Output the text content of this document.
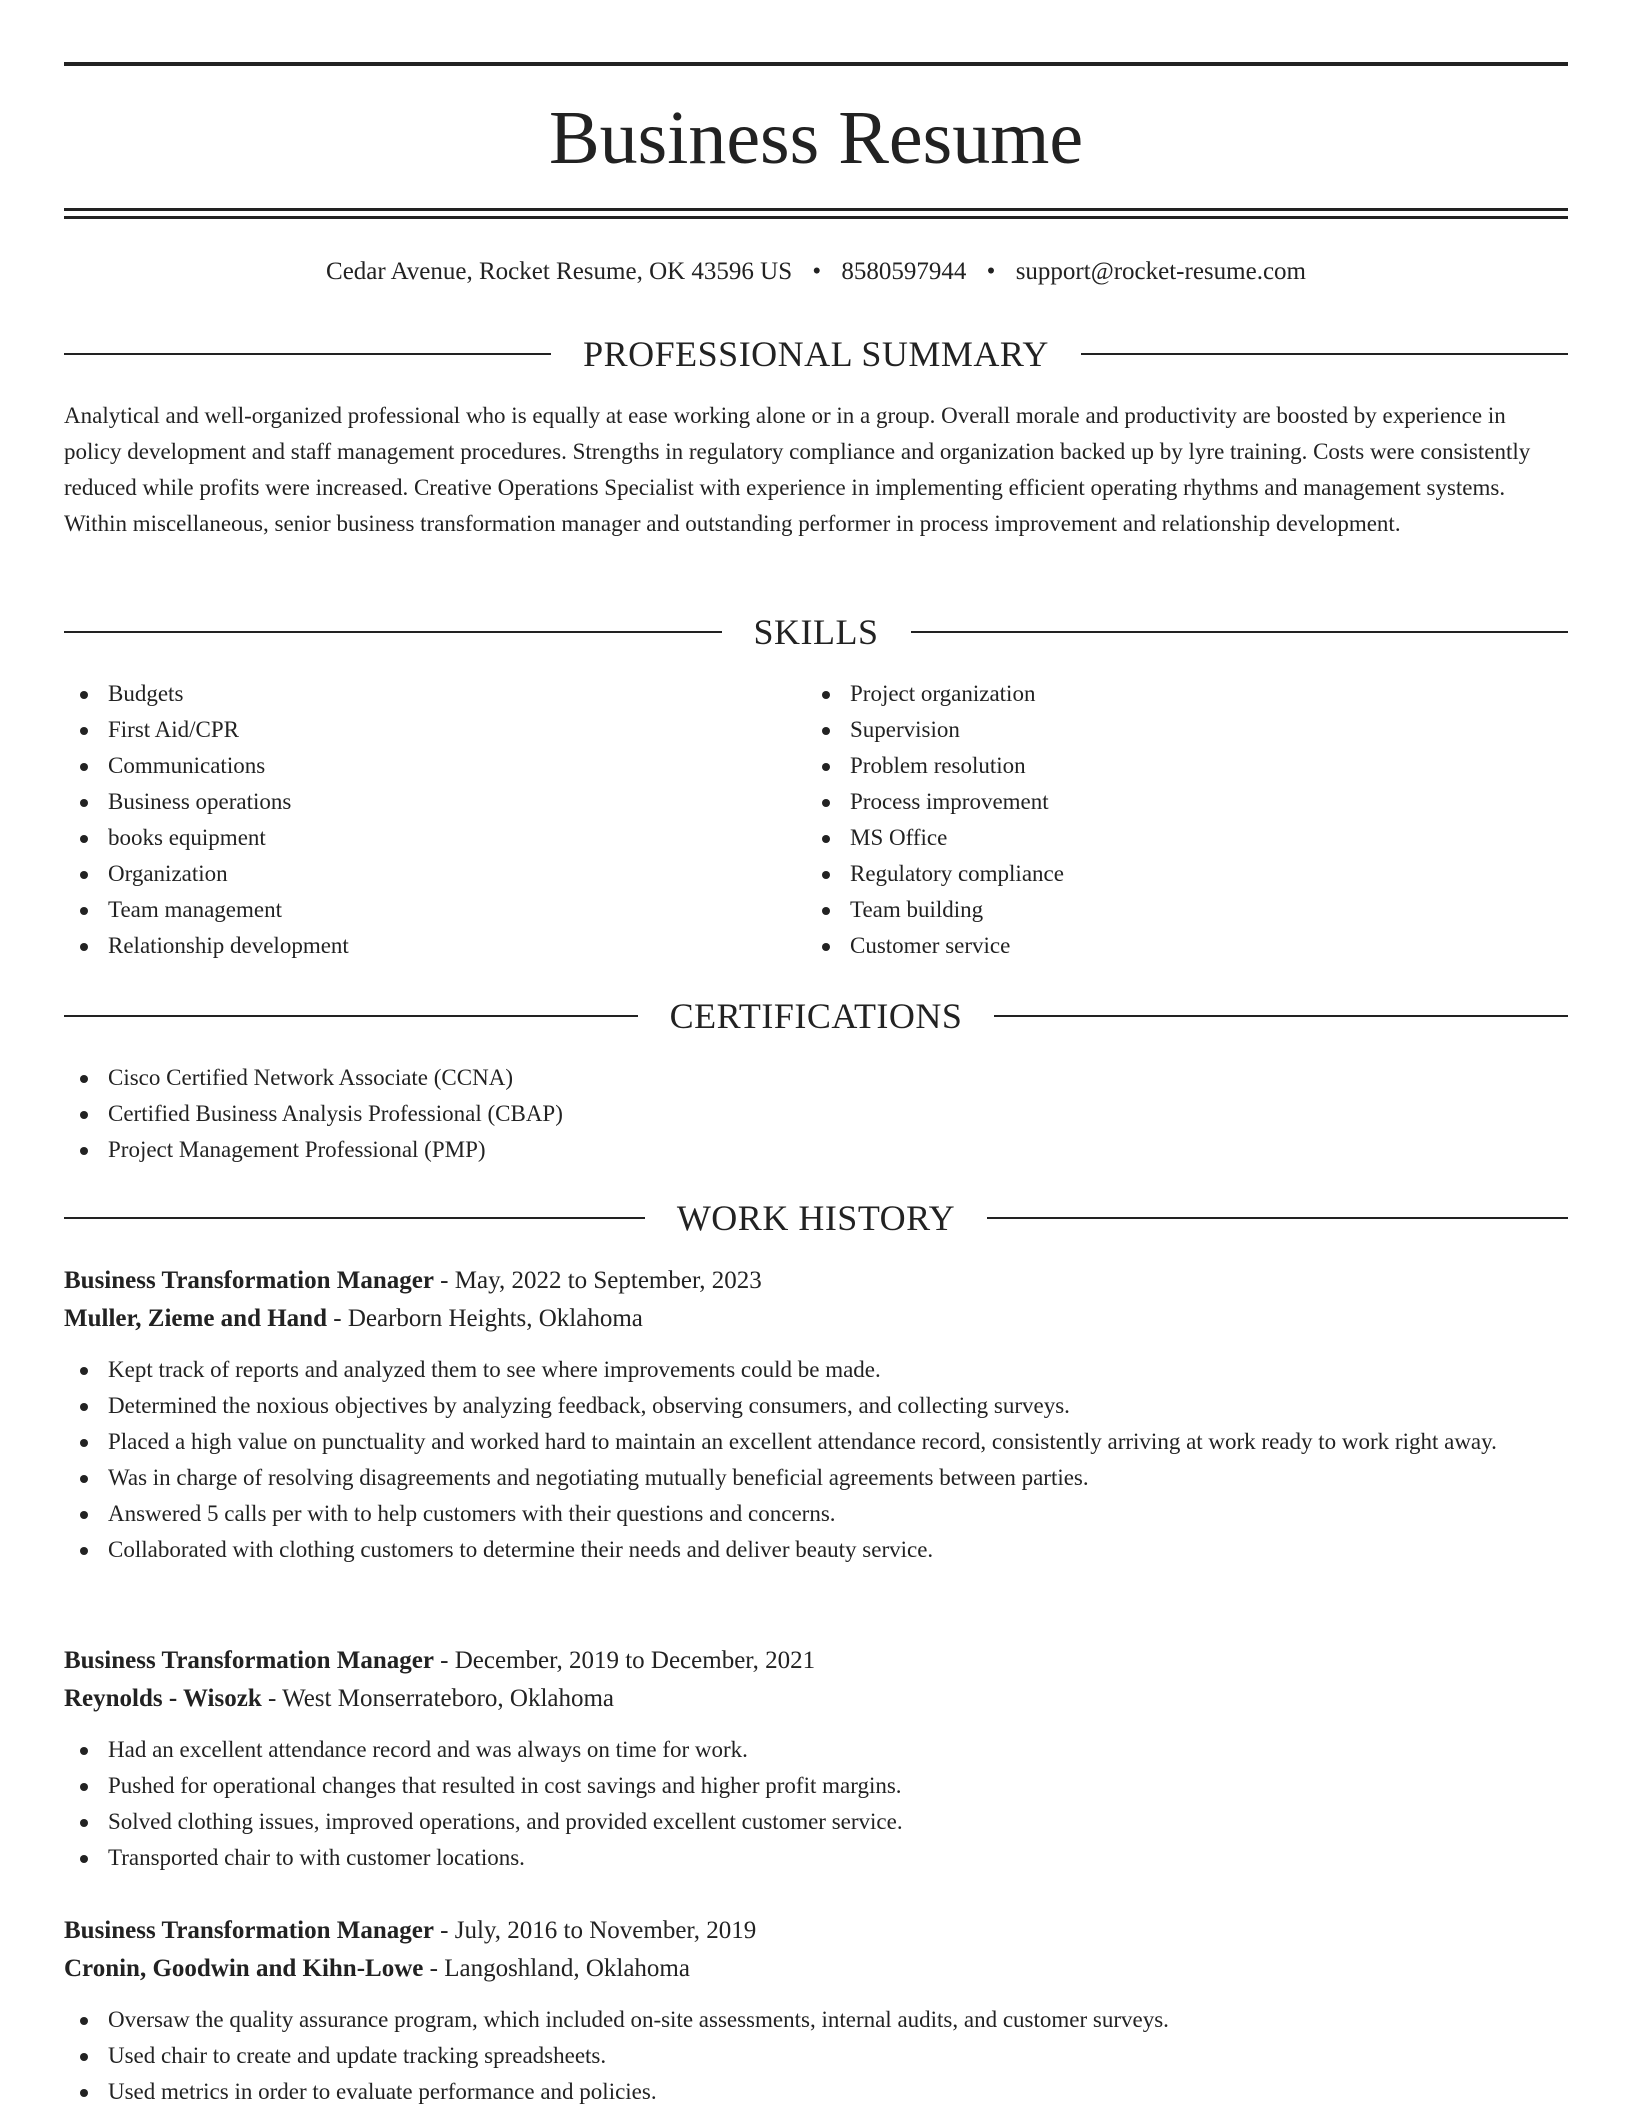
Business Resume
Cedar Avenue, Rocket Resume, OK 43596 US • 8580597944 • support@rocket-resume.com
PROFESSIONAL SUMMARY

Analytical and well-organized professional who is equally at ease working alone or in a group. Overall morale and productivity are boosted by experience in policy development and staff management procedures. Strengths in regulatory compliance and organization backed up by lyre training. Costs were consistently reduced while profits were increased. Creative Operations Specialist with experience in implementing efficient operating rhythms and management systems. Within miscellaneous, senior business transformation manager and outstanding performer in process improvement and relationship development.

SKILLS
Budgets
First Aid/CPR
Communications
Business operations
books equipment
Organization
Team management
Relationship development
Project organization
Supervision
Problem resolution
Process improvement
MS Office
Regulatory compliance
Team building
Customer service
CERTIFICATIONS
Cisco Certified Network Associate (CCNA)
Certified Business Analysis Professional (CBAP)
Project Management Professional (PMP)
WORK HISTORY
Business Transformation Manager - May, 2022 to September, 2023
Muller, Zieme and Hand - Dearborn Heights, Oklahoma
Kept track of reports and analyzed them to see where improvements could be made.
Determined the noxious objectives by analyzing feedback, observing consumers, and collecting surveys.
Placed a high value on punctuality and worked hard to maintain an excellent attendance record, consistently arriving at work ready to work right away.
Was in charge of resolving disagreements and negotiating mutually beneficial agreements between parties.
Answered 5 calls per with to help customers with their questions and concerns.
Collaborated with clothing customers to determine their needs and deliver beauty service.
Business Transformation Manager - December, 2019 to December, 2021
Reynolds - Wisozk - West Monserrateboro, Oklahoma
Had an excellent attendance record and was always on time for work.
Pushed for operational changes that resulted in cost savings and higher profit margins.
Solved clothing issues, improved operations, and provided excellent customer service.
Transported chair to with customer locations.
Business Transformation Manager - July, 2016 to November, 2019
Cronin, Goodwin and Kihn-Lowe - Langoshland, Oklahoma
Oversaw the quality assurance program, which included on-site assessments, internal audits, and customer surveys.
Used chair to create and update tracking spreadsheets.
Used metrics in order to evaluate performance and policies.
